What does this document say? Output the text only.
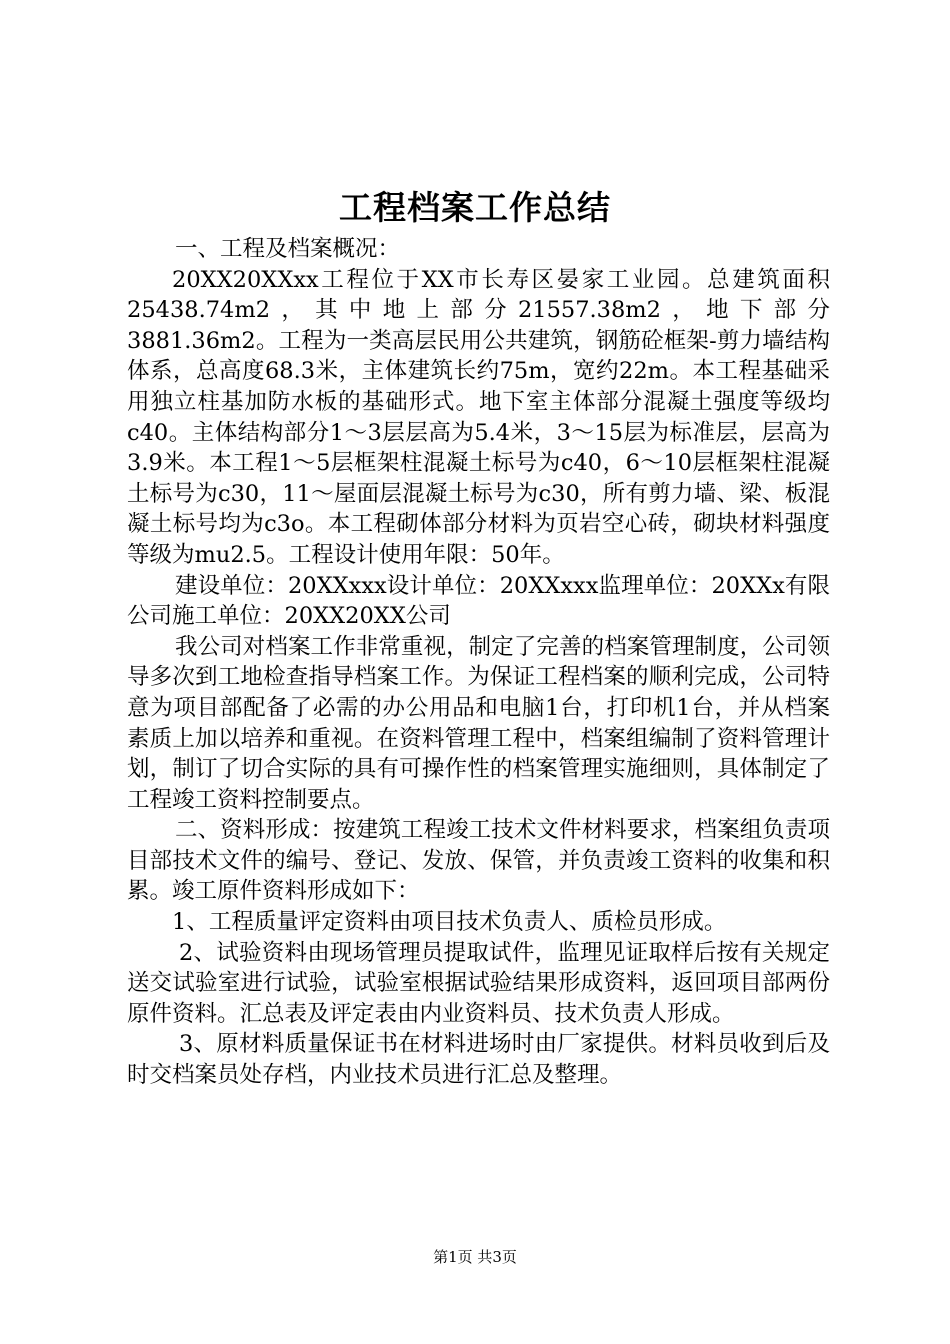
工程档案工作总结

一、工程及档案概况：

20XX20XXxx工程位于XX市长寿区晏家工业园。总建筑面积25438.74m2，其中地上部分21557.38m2，地下部分3881.36m2。工程为一类高层民用公共建筑，钢筋砼框架-剪力墙结构体系，总高度68.3米，主体建筑长约75m，宽约22m。本工程基础采用独立柱基加防水板的基础形式。地下室主体部分混凝土强度等级均c40。主体结构部分1～3层层高为5.4米，3～15层为标准层，层高为3.9米。本工程1～5层框架柱混凝土标号为c40，6～10层框架柱混凝土标号为c30，11～屋面层混凝土标号为c30，所有剪力墙、梁、板混凝土标号均为c3o。本工程砌体部分材料为页岩空心砖，砌块材料强度等级为mu2.5。工程设计使用年限：50年。

建设单位：20XXxxx设计单位：20XXxxx监理单位：20XXx有限公司施工单位：20XX20XX公司

我公司对档案工作非常重视，制定了完善的档案管理制度，公司领导多次到工地检查指导档案工作。为保证工程档案的顺利完成，公司特意为项目部配备了必需的办公用品和电脑1台，打印机1台，并从档案素质上加以培养和重视。在资料管理工程中，档案组编制了资料管理计划，制订了切合实际的具有可操作性的档案管理实施细则，具体制定了工程竣工资料控制要点。

二、资料形成：按建筑工程竣工技术文件材料要求，档案组负责项目部技术文件的编号、登记、发放、保管，并负责竣工资料的收集和积累。竣工原件资料形成如下：

1、工程质量评定资料由项目技术负责人、质检员形成。

2、试验资料由现场管理员提取试件，监理见证取样后按有关规定送交试验室进行试验，试验室根据试验结果形成资料，返回项目部两份原件资料。汇总表及评定表由内业资料员、技术负责人形成。

3、原材料质量保证书在材料进场时由厂家提供。材料员收到后及时交档案员处存档，内业技术员进行汇总及整理。

第1页 共3页
